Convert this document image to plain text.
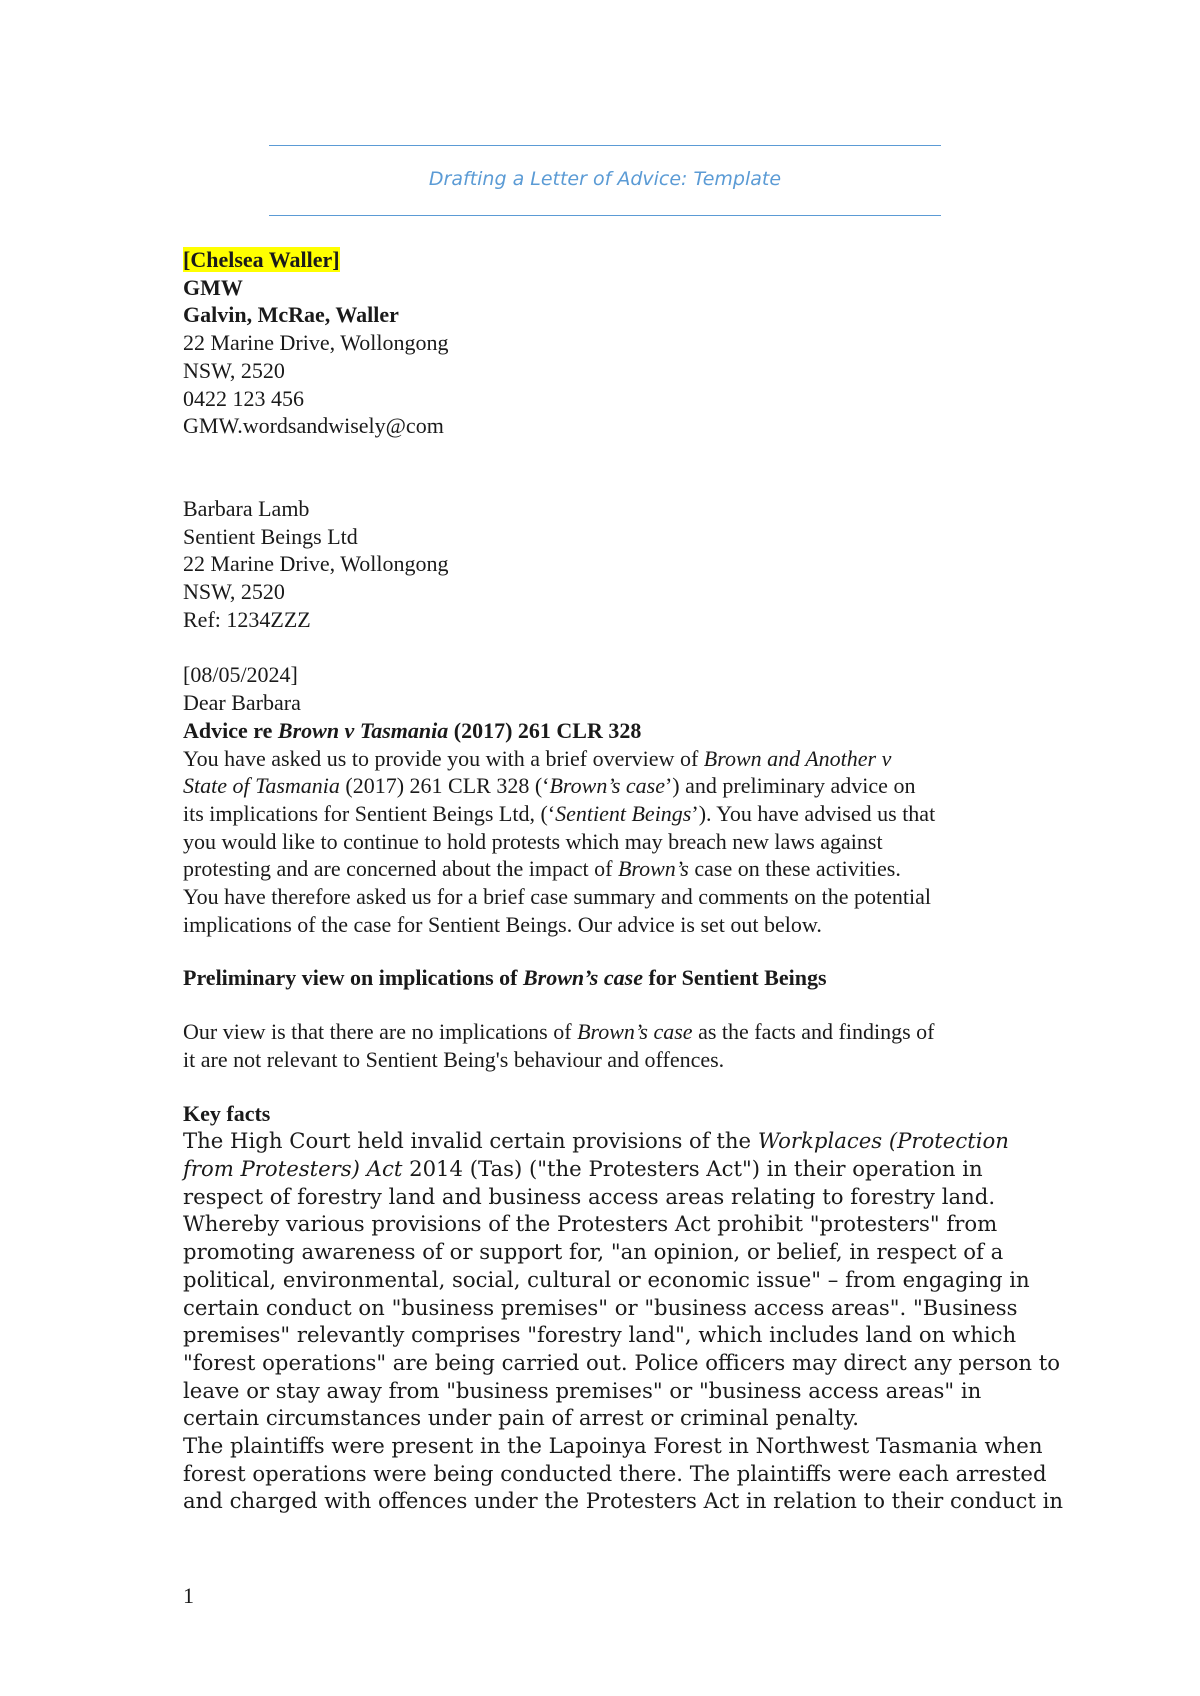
Drafting a Letter of Advice: Template
[Chelsea Waller]
GMW
Galvin, McRae, Waller
22 Marine Drive, Wollongong
NSW, 2520
0422 123 456
GMW.wordsandwisely@com
Barbara Lamb
Sentient Beings Ltd
22 Marine Drive, Wollongong
NSW, 2520
Ref: 1234ZZZ
[08/05/2024]
Dear Barbara
Advice re Brown v Tasmania (2017) 261 CLR 328
You have asked us to provide you with a brief overview of Brown and Another v
State of Tasmania (2017) 261 CLR 328 (‘Brown’s case’) and preliminary advice on
its implications for Sentient Beings Ltd, (‘Sentient Beings’). You have advised us that
you would like to continue to hold protests which may breach new laws against
protesting and are concerned about the impact of Brown’s case on these activities.
You have therefore asked us for a brief case summary and comments on the potential
implications of the case for Sentient Beings. Our advice is set out below.
Preliminary view on implications of Brown’s case for Sentient Beings
Our view is that there are no implications of Brown’s case as the facts and findings of
it are not relevant to Sentient Being's behaviour and offences.
Key facts
The High Court held invalid certain provisions of the Workplaces (Protection
from Protesters) Act 2014 (Tas) ("the Protesters Act") in their operation in
respect of forestry land and business access areas relating to forestry land.
Whereby various provisions of the Protesters Act prohibit "protesters" from
promoting awareness of or support for, "an opinion, or belief, in respect of a
political, environmental, social, cultural or economic issue" – from engaging in
certain conduct on "business premises" or "business access areas". "Business
premises" relevantly comprises "forestry land", which includes land on which
"forest operations" are being carried out. Police officers may direct any person to
leave or stay away from "business premises" or "business access areas" in
certain circumstances under pain of arrest or criminal penalty.
The plaintiffs were present in the Lapoinya Forest in Northwest Tasmania when
forest operations were being conducted there. The plaintiffs were each arrested
and charged with offences under the Protesters Act in relation to their conduct in
1
